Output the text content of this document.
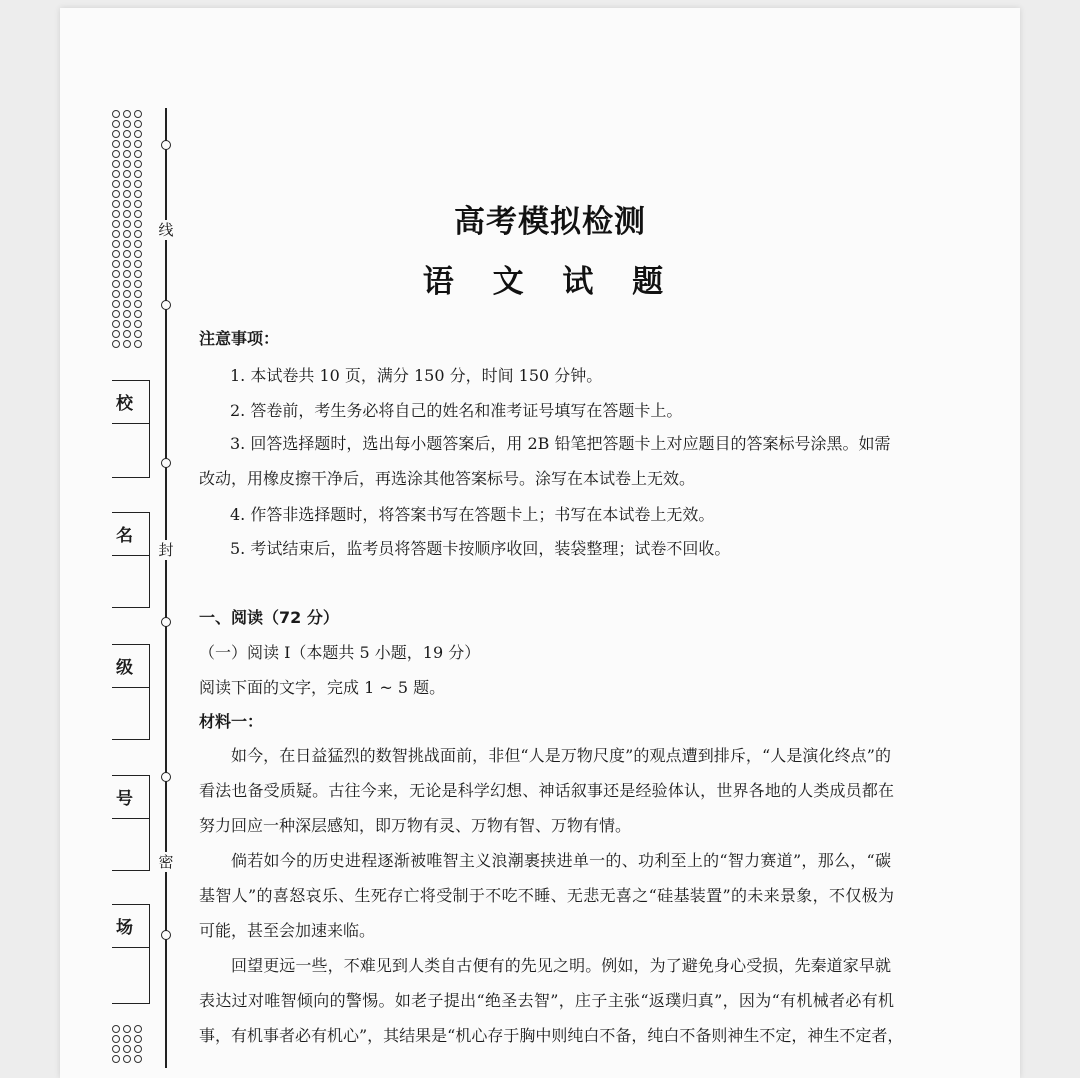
线
封
密
校
名
级
号
场
高考模拟检测
语 文 试 题
注意事项：
1. 本试卷共 10 页，满分 150 分，时间 150 分钟。
2. 答卷前，考生务必将自己的姓名和准考证号填写在答题卡上。
3. 回答选择题时，选出每小题答案后，用 2B 铅笔把答题卡上对应题目的答案标号涂黑。如需
改动，用橡皮擦干净后，再选涂其他答案标号。涂写在本试卷上无效。
4. 作答非选择题时，将答案书写在答题卡上；书写在本试卷上无效。
5. 考试结束后，监考员将答题卡按顺序收回，装袋整理；试卷不回收。
一、阅读（72 分）
（一）阅读 I（本题共 5 小题，19 分）
阅读下面的文字，完成 1 ~ 5 题。
材料一：
如今，在日益猛烈的数智挑战面前，非但“人是万物尺度”的观点遭到排斥，“人是演化终点”的
看法也备受质疑。古往今来，无论是科学幻想、神话叙事还是经验体认，世界各地的人类成员都在
努力回应一种深层感知，即万物有灵、万物有智、万物有情。
倘若如今的历史进程逐渐被唯智主义浪潮裹挟进单一的、功利至上的“智力赛道”，那么，“碳
基智人”的喜怒哀乐、生死存亡将受制于不吃不睡、无悲无喜之“硅基装置”的未来景象，不仅极为
可能，甚至会加速来临。
回望更远一些，不难见到人类自古便有的先见之明。例如，为了避免身心受损，先秦道家早就
表达过对唯智倾向的警惕。如老子提出“绝圣去智”，庄子主张“返璞归真”，因为“有机械者必有机
事，有机事者必有机心”，其结果是“机心存于胸中则纯白不备，纯白不备则神生不定，神生不定者，
